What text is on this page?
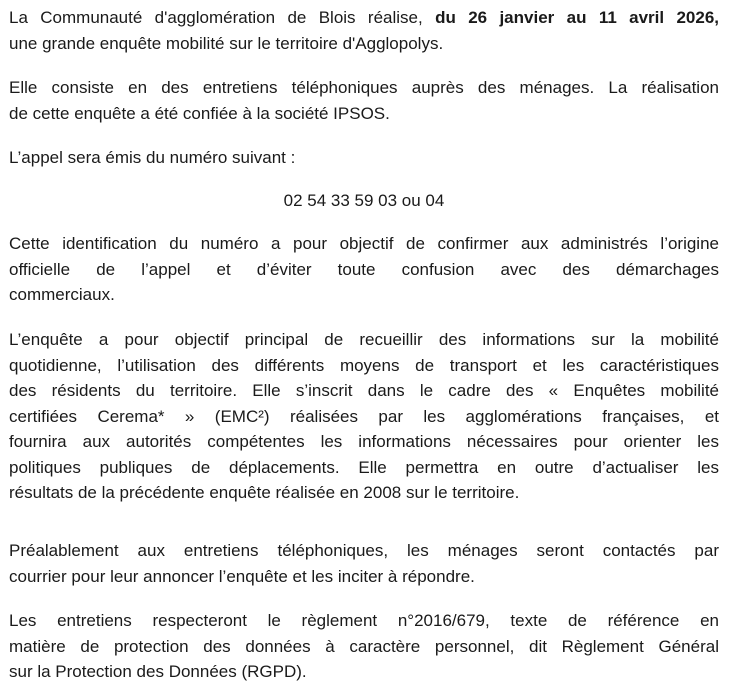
La Communauté d'agglomération de Blois réalise, du 26 janvier au 11 avril 2026,
une grande enquête mobilité sur le territoire d'Agglopolys.

Elle consiste en des entretiens téléphoniques auprès des ménages. La réalisation
de cette enquête a été confiée à la société IPSOS.

L’appel sera émis du numéro suivant :

02 54 33 59 03 ou 04

Cette identification du numéro a pour objectif de confirmer aux administrés l’origine
officielle de l’appel et d’éviter toute confusion avec des démarchages
commerciaux.

L’enquête a pour objectif principal de recueillir des informations sur la mobilité
quotidienne, l’utilisation des différents moyens de transport et les caractéristiques
des résidents du territoire. Elle s’inscrit dans le cadre des « Enquêtes mobilité
certifiées Cerema* » (EMC²) réalisées par les agglomérations françaises, et
fournira aux autorités compétentes les informations nécessaires pour orienter les
politiques publiques de déplacements. Elle permettra en outre d’actualiser les
résultats de la précédente enquête réalisée en 2008 sur le territoire.

Préalablement aux entretiens téléphoniques, les ménages seront contactés par
courrier pour leur annoncer l’enquête et les inciter à répondre.

Les entretiens respecteront le règlement n°2016/679, texte de référence en
matière de protection des données à caractère personnel, dit Règlement Général
sur la Protection des Données (RGPD).
